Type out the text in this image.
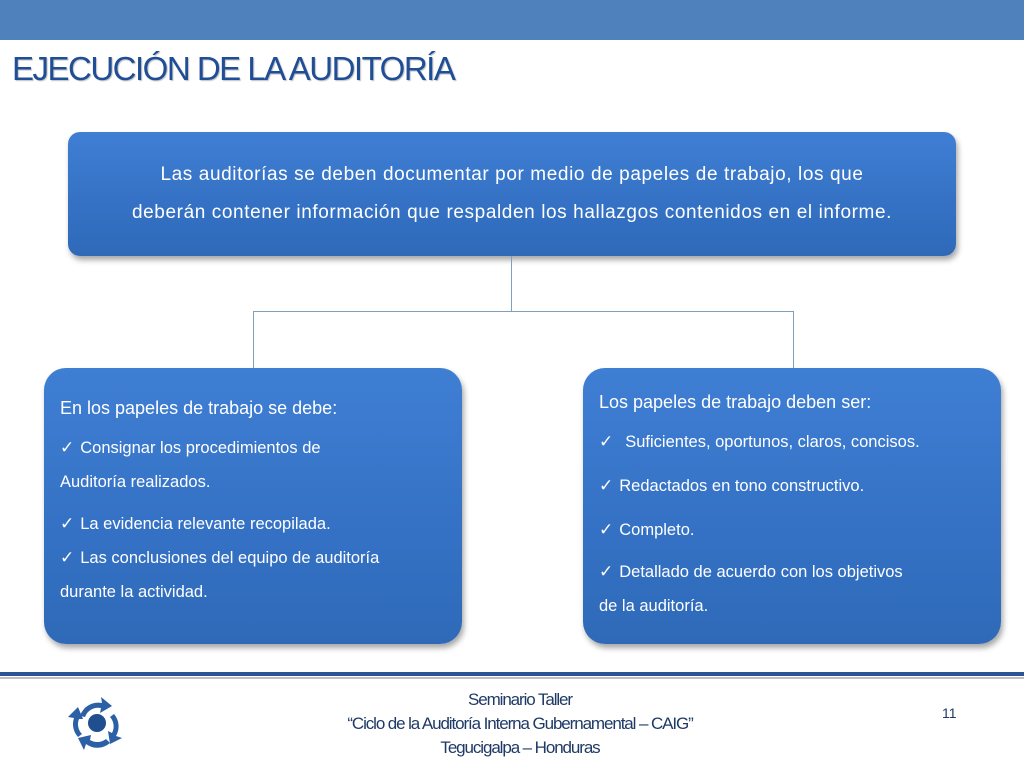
EJECUCIÓN DE LA AUDITORÍA
Las auditorías se deben documentar por medio de papeles de trabajo, los que
deberán contener información que respalden los hallazgos contenidos en el informe.
En los papeles de trabajo se debe:
✓ Consignar los procedimientos de
Auditoría realizados.
✓ La evidencia relevante recopilada.
✓ Las conclusiones del equipo de auditoría
durante la actividad.
Los papeles de trabajo deben ser:
✓ Suficientes, oportunos, claros, concisos.
✓ Redactados en tono constructivo.
✓ Completo.
✓ Detallado de acuerdo con los objetivos
de la auditoría.
Seminario Taller
“Ciclo de la Auditoría Interna Gubernamental – CAIG”
Tegucigalpa – Honduras
11
